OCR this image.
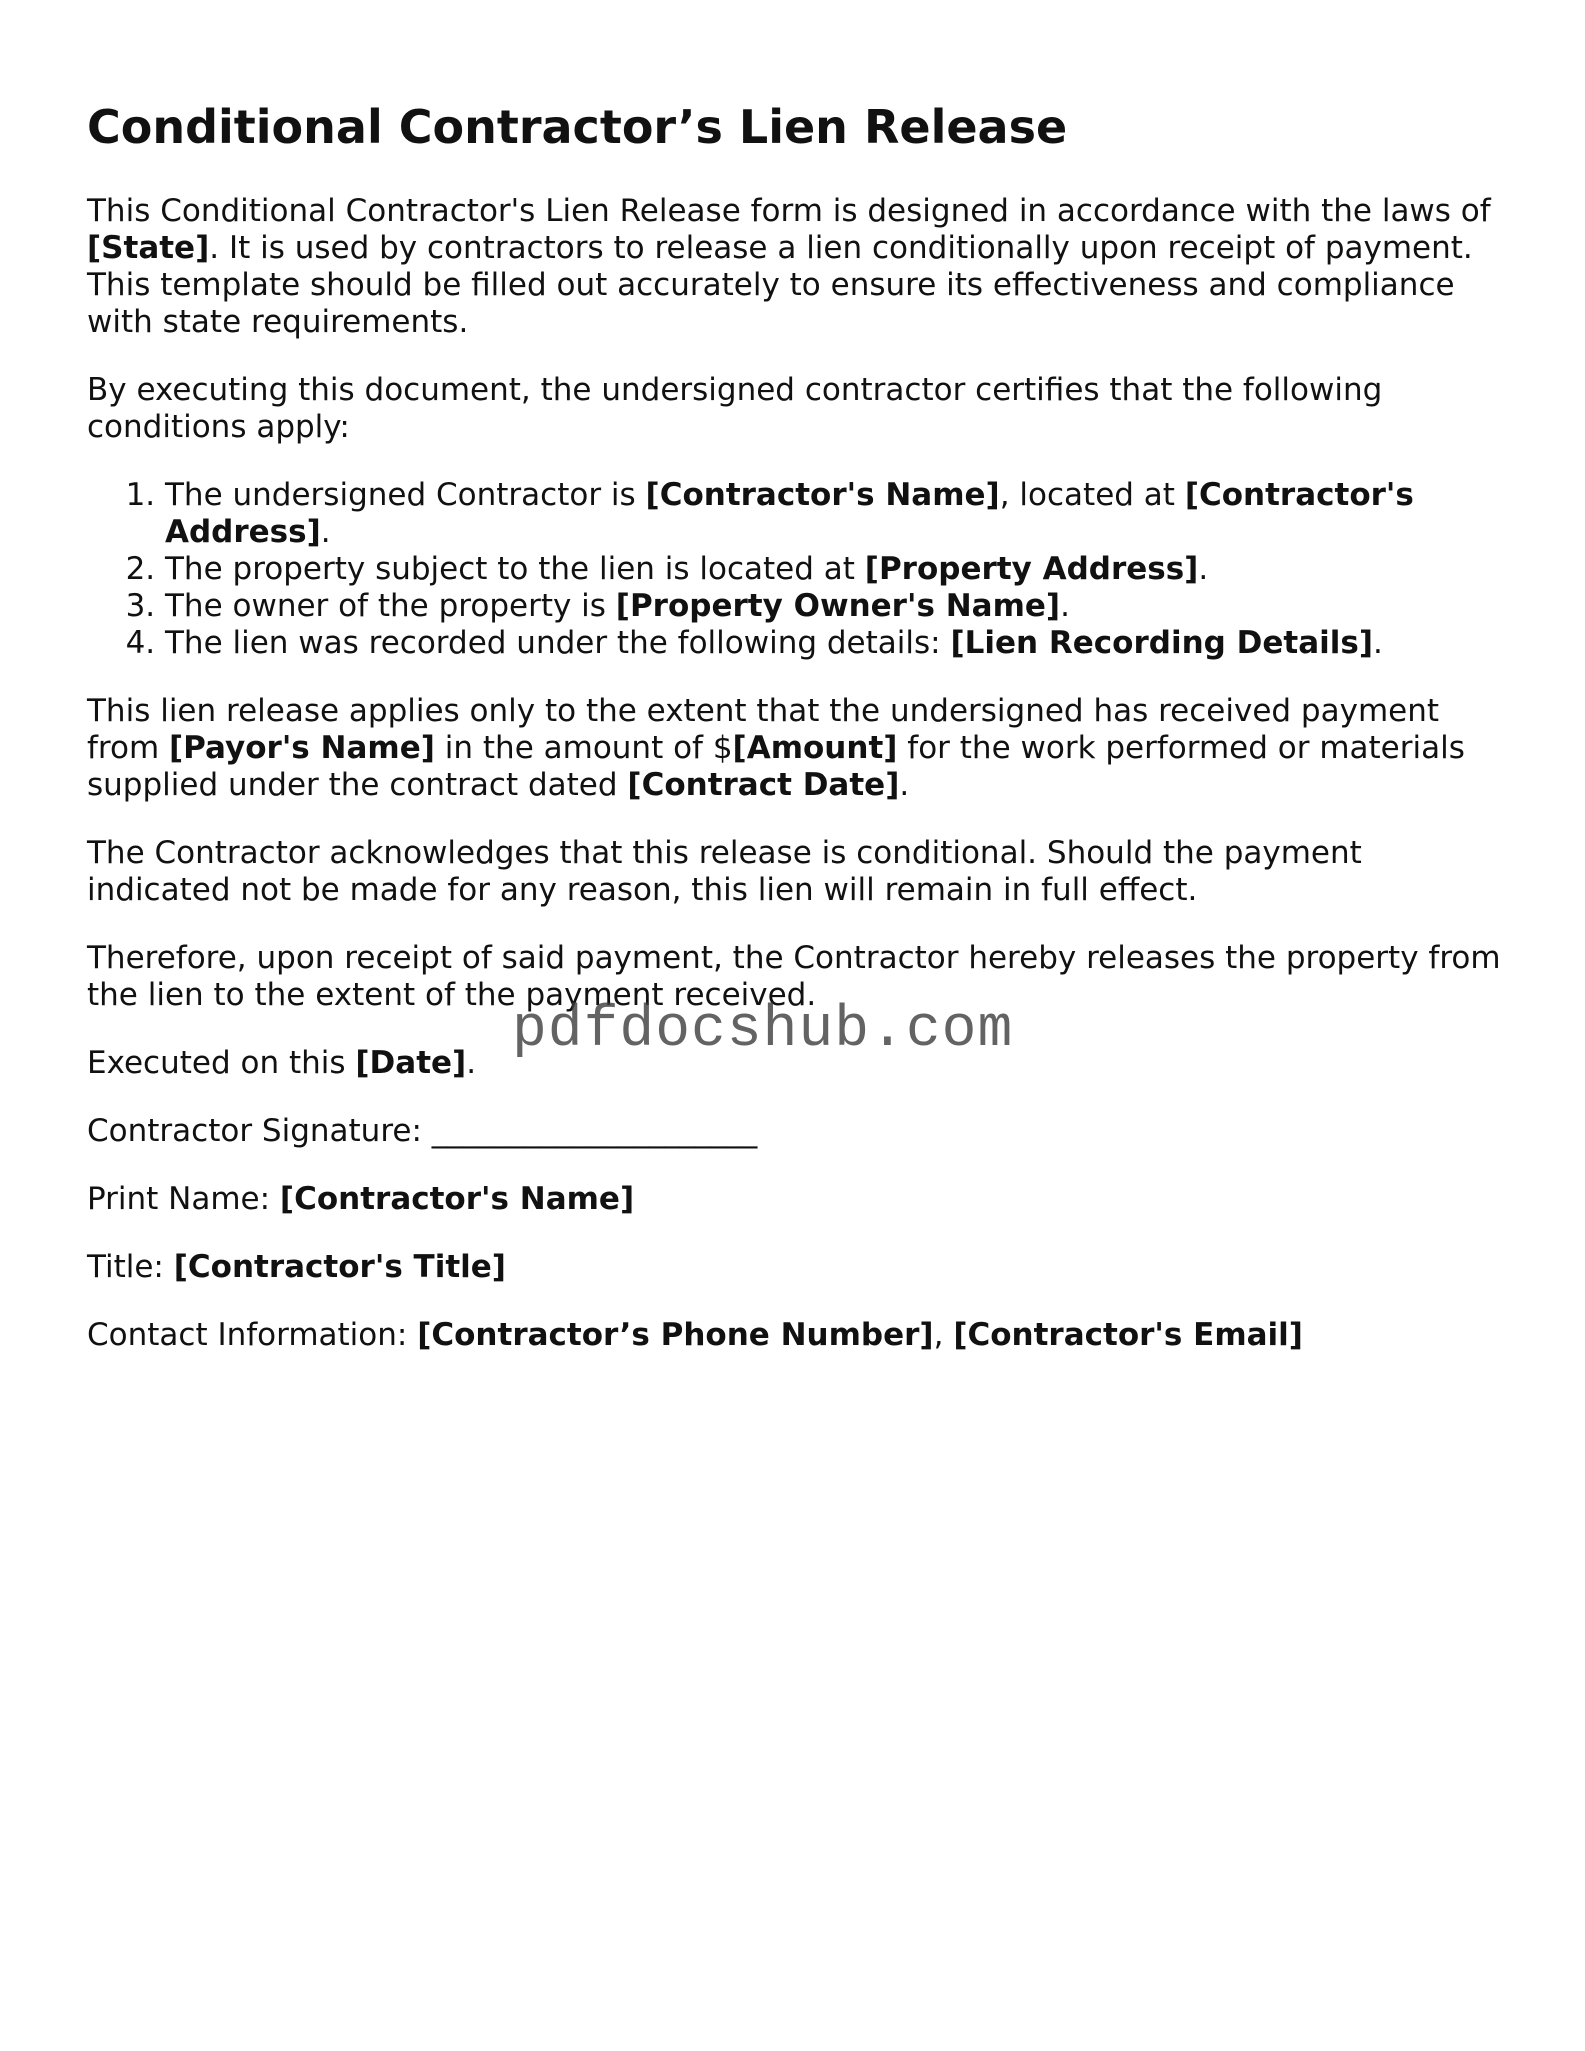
Conditional Contractor’s Lien Release

This Conditional Contractor's Lien Release form is designed in accordance with the laws of [State]. It is used by contractors to release a lien conditionally upon receipt of payment. This template should be filled out accurately to ensure its effectiveness and compliance with state requirements.

By executing this document, the undersigned contractor certifies that the following conditions apply:

1. The undersigned Contractor is [Contractor's Name], located at [Contractor's Address].
2. The property subject to the lien is located at [Property Address].
3. The owner of the property is [Property Owner's Name].
4. The lien was recorded under the following details: [Lien Recording Details].

This lien release applies only to the extent that the undersigned has received payment from [Payor's Name] in the amount of $[Amount] for the work performed or materials supplied under the contract dated [Contract Date].

The Contractor acknowledges that this release is conditional. Should the payment indicated not be made for any reason, this lien will remain in full effect.

Therefore, upon receipt of said payment, the Contractor hereby releases the property from the lien to the extent of the payment received.

Executed on this [Date].

Contractor Signature: _____________________

Print Name: [Contractor's Name]

Title: [Contractor's Title]

Contact Information: [Contractor’s Phone Number], [Contractor's Email]

pdfdocshub.com
